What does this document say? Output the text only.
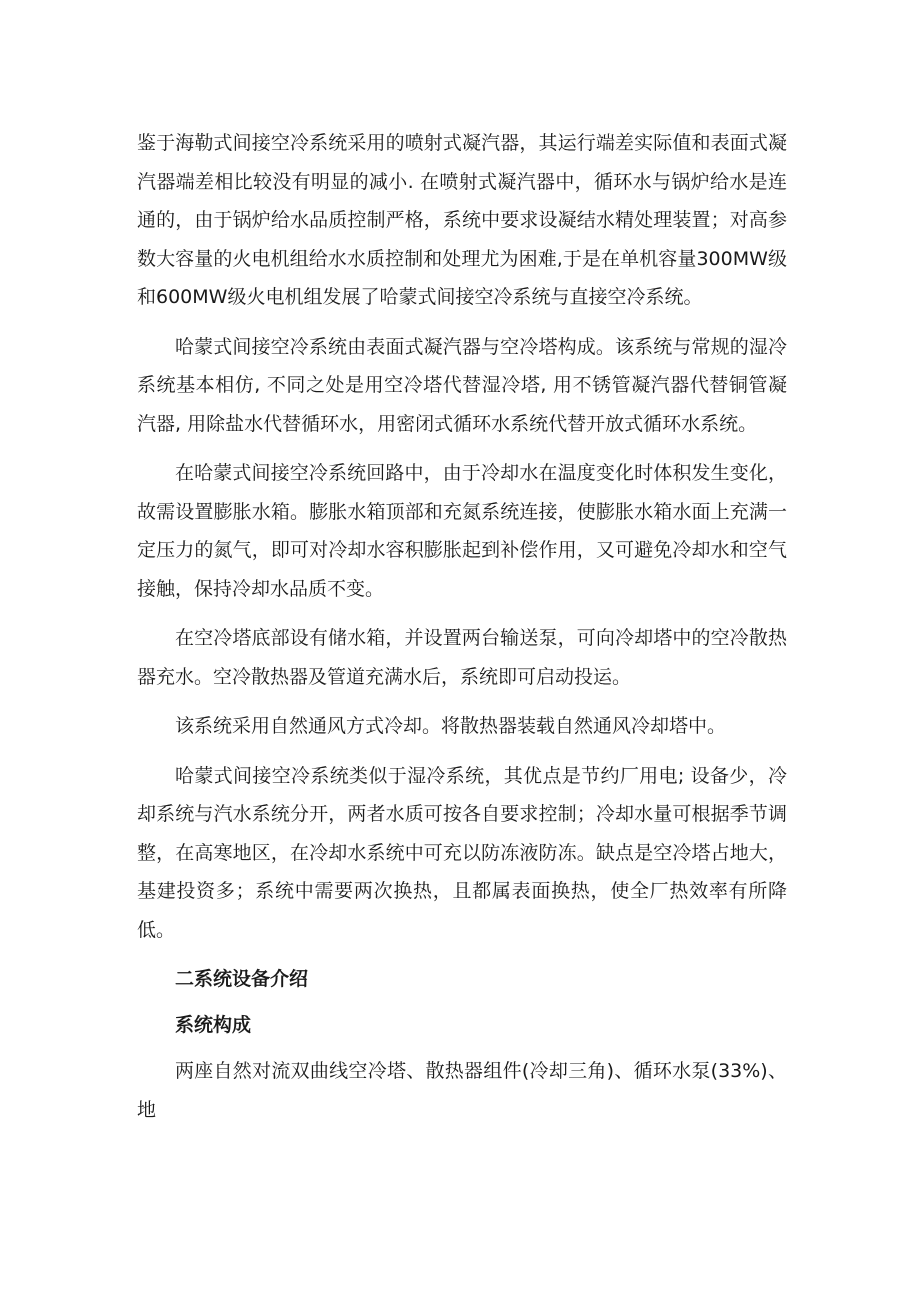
鉴于海勒式间接空冷系统采用的喷射式凝汽器，其运行端差实际值和表面式凝汽器端差相比较没有明显的减小. 在喷射式凝汽器中，循环水与锅炉给水是连通的，由于锅炉给水品质控制严格，系统中要求设凝结水精处理装置；对高参数大容量的火电机组给水水质控制和处理尤为困难,于是在单机容量300MW级和600MW级火电机组发展了哈蒙式间接空冷系统与直接空冷系统。

哈蒙式间接空冷系统由表面式凝汽器与空冷塔构成。该系统与常规的湿冷系统基本相仿, 不同之处是用空冷塔代替湿冷塔, 用不锈管凝汽器代替铜管凝汽器, 用除盐水代替循环水，用密闭式循环水系统代替开放式循环水系统。

在哈蒙式间接空冷系统回路中，由于冷却水在温度变化时体积发生变化，故需设置膨胀水箱。膨胀水箱顶部和充氮系统连接，使膨胀水箱水面上充满一定压力的氮气，即可对冷却水容积膨胀起到补偿作用，又可避免冷却水和空气接触，保持冷却水品质不变。

在空冷塔底部设有储水箱，并设置两台输送泵，可向冷却塔中的空冷散热器充水。空冷散热器及管道充满水后，系统即可启动投运。

该系统采用自然通风方式冷却。将散热器装载自然通风冷却塔中。

哈蒙式间接空冷系统类似于湿冷系统，其优点是节约厂用电; 设备少，冷却系统与汽水系统分开，两者水质可按各自要求控制；冷却水量可根据季节调整，在高寒地区，在冷却水系统中可充以防冻液防冻。缺点是空冷塔占地大，基建投资多；系统中需要两次换热，且都属表面换热，使全厂热效率有所降低。

二系统设备介绍

系统构成

两座自然对流双曲线空冷塔、散热器组件(冷却三角)、循环水泵(33%)、地
